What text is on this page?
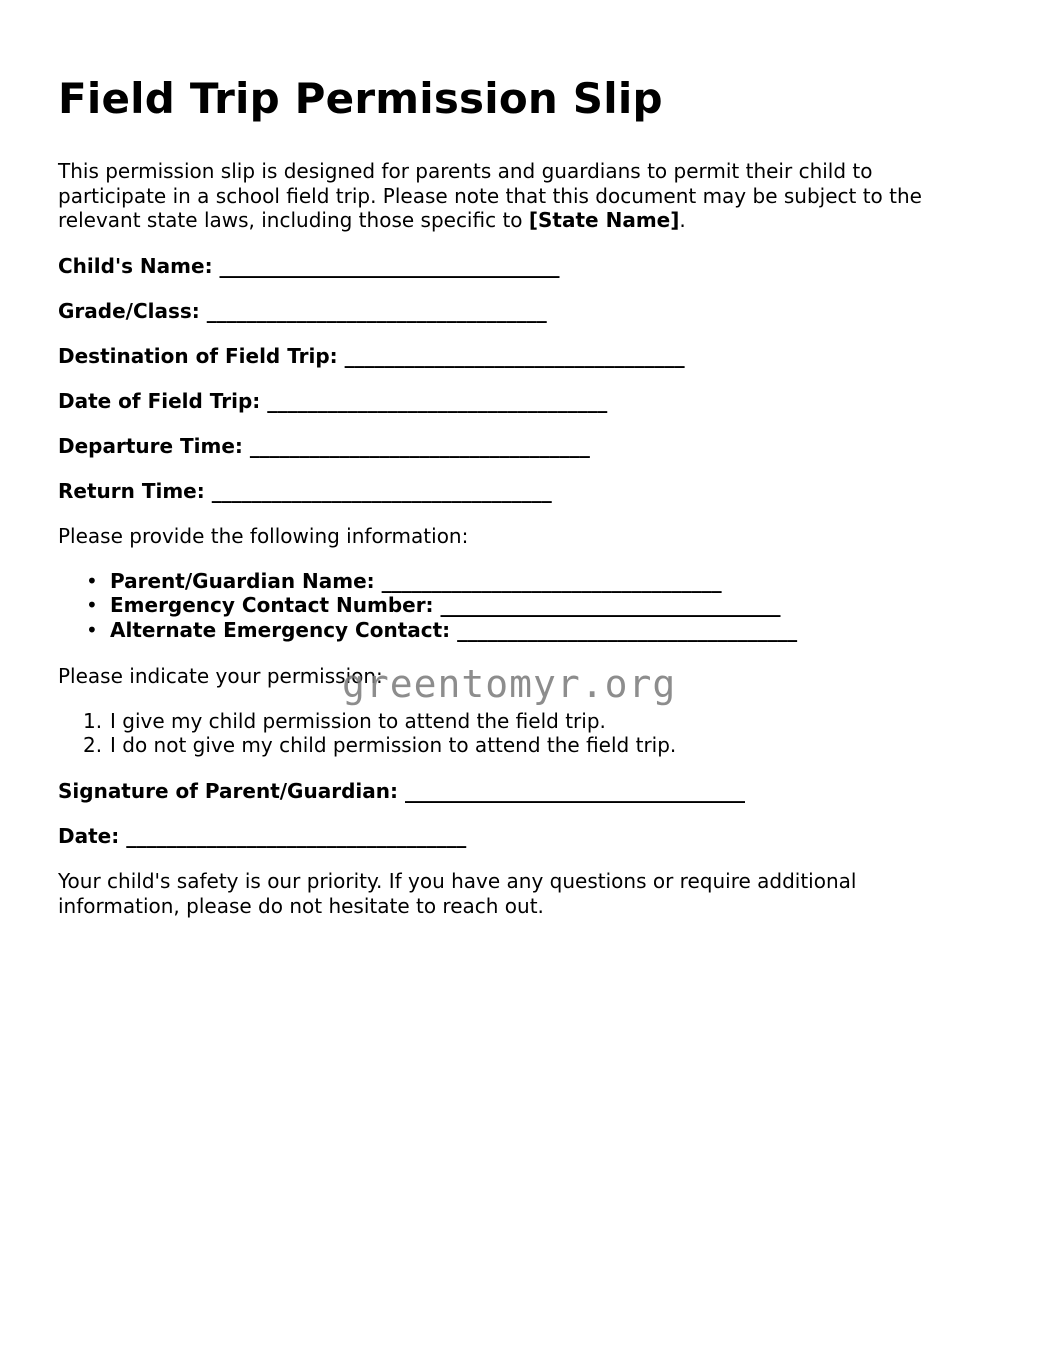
Field Trip Permission Slip

This permission slip is designed for parents and guardians to permit their child to participate in a school field trip. Please note that this document may be subject to the relevant state laws, including those specific to [State Name].

Child's Name: __________________________________

Grade/Class: __________________________________

Destination of Field Trip: __________________________________

Date of Field Trip: __________________________________

Departure Time: __________________________________

Return Time: __________________________________

Please provide the following information:

• Parent/Guardian Name: __________________________________
• Emergency Contact Number: __________________________________
• Alternate Emergency Contact: __________________________________

Please indicate your permission:

1. I give my child permission to attend the field trip.
2. I do not give my child permission to attend the field trip.

Signature of Parent/Guardian: __________________________________

Date: __________________________________

Your child's safety is our priority. If you have any questions or require additional information, please do not hesitate to reach out.

greentomyr.org
